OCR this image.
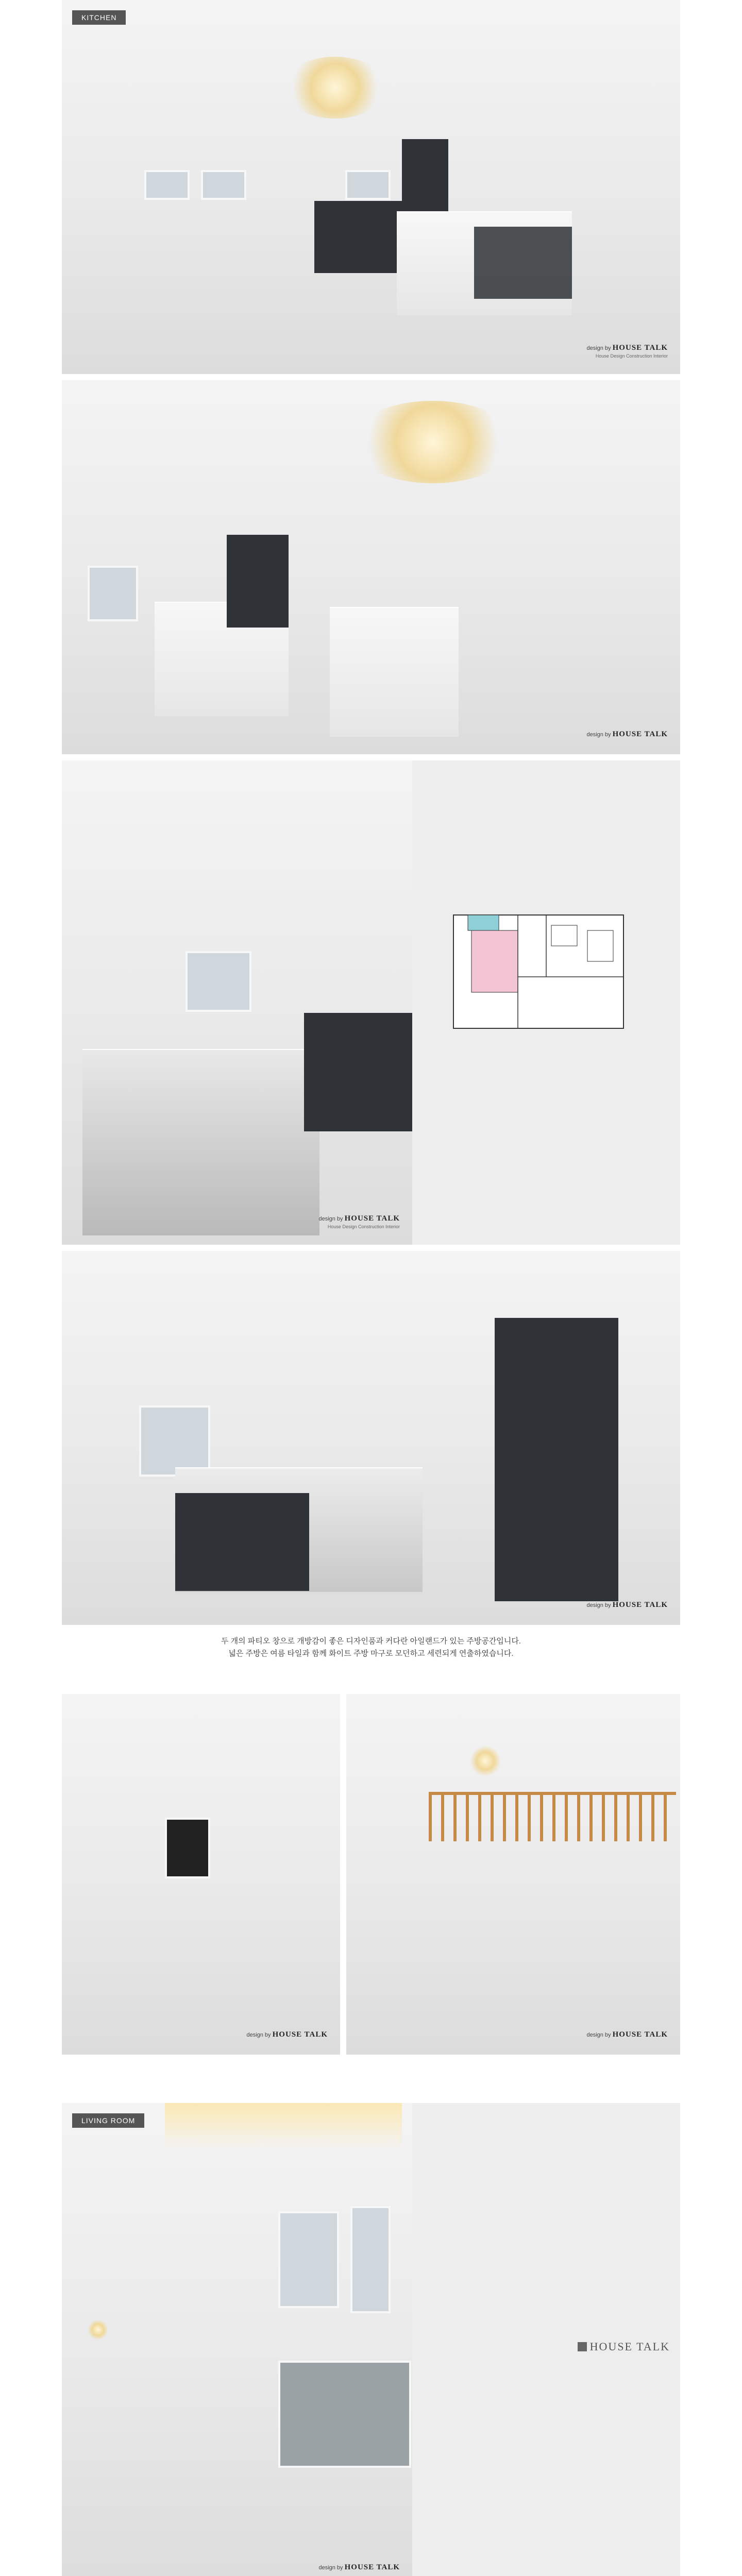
KITCHEN
design by HOUSE TALK
House Design Construction Interior
design by HOUSE TALK
design by HOUSE TALK
House Design Construction Interior
design by HOUSE TALK
두 개의 파티오 창으로 개방감이 좋은 디자인품과 커다란 아일랜드가 있는 주방공간입니다.
넓은 주방은 여름 타일과 함께 화이트 주방 마구로 모던하고 세련되게 연출하였습니다.
design by HOUSE TALK	design by HOUSE TALK
LIVING ROOM
design by HOUSE TALK
HOUSE TALK
